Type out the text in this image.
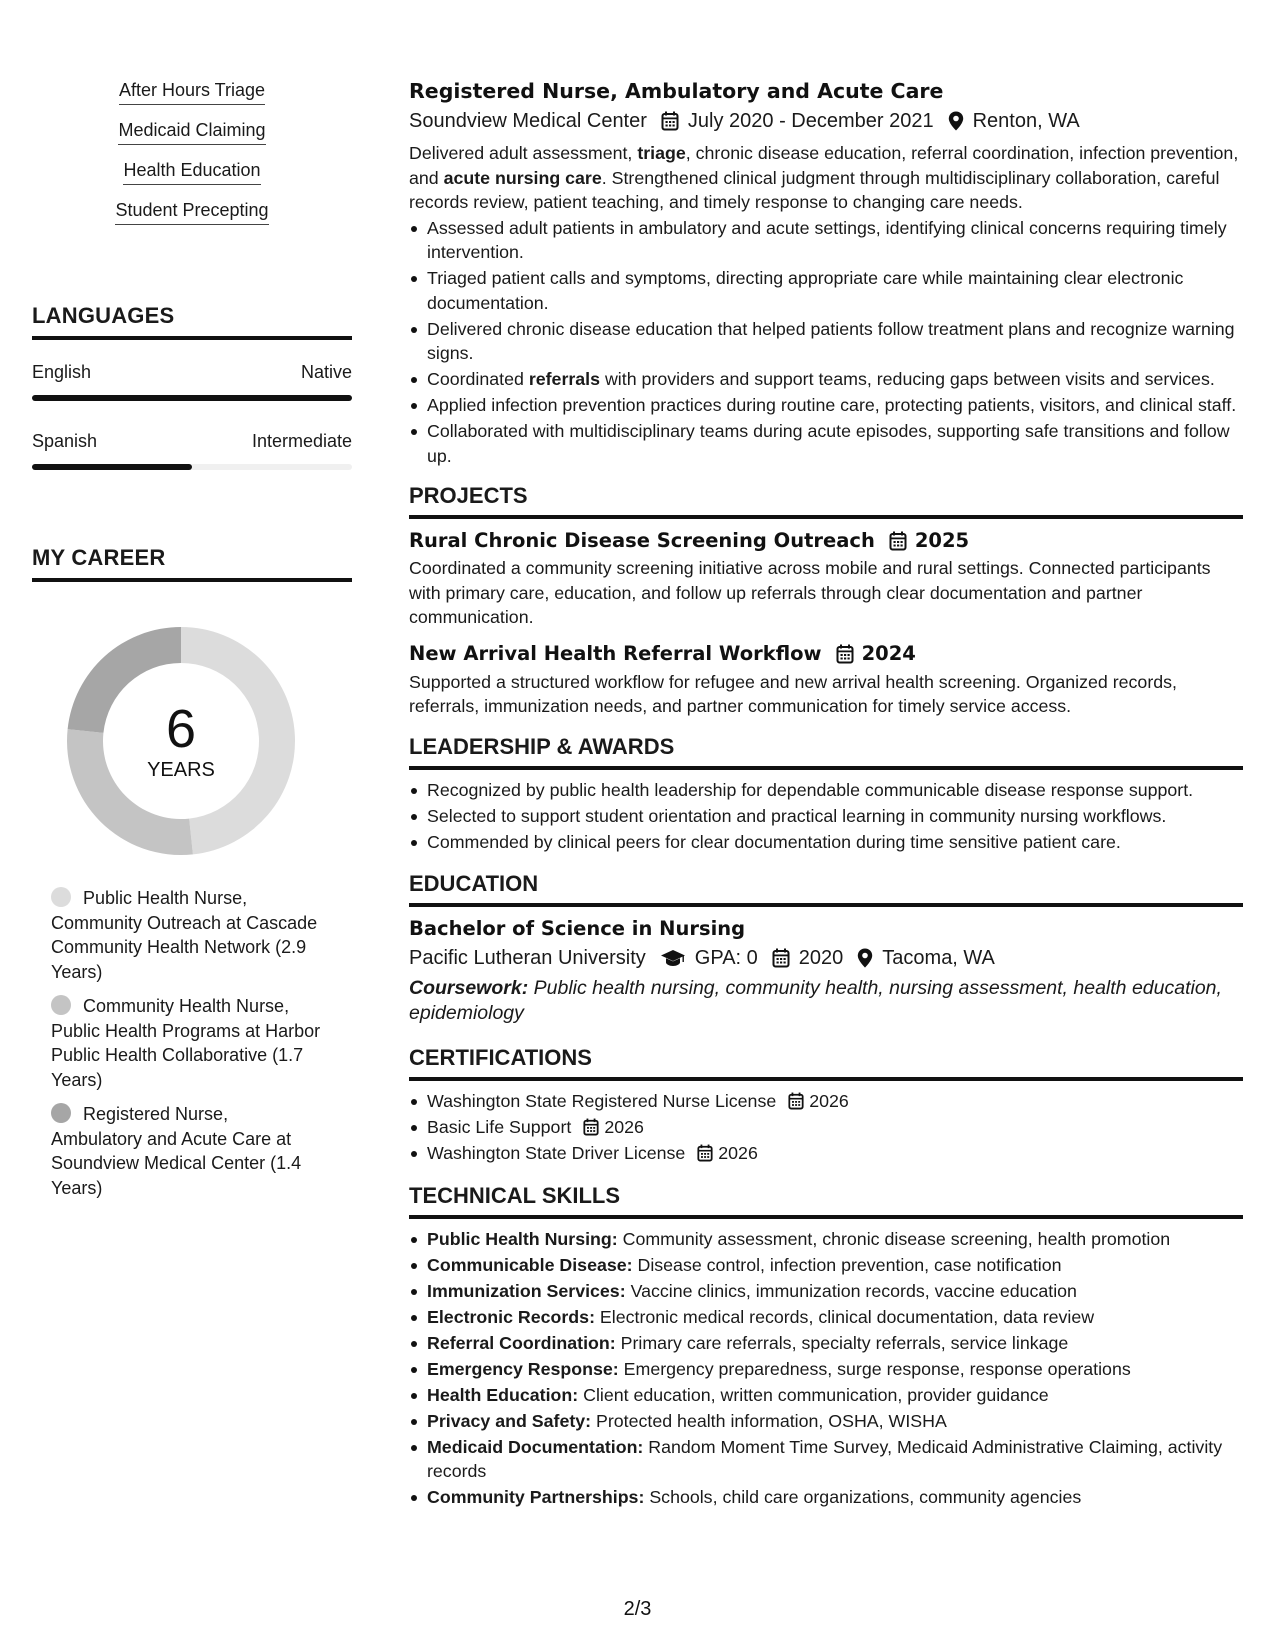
After Hours Triage
Medicaid Claiming
Health Education
Student Precepting
LANGUAGES
English	Native
Spanish	Intermediate
MY CAREER
6
YEARS
Public Health Nurse, Community Outreach at Cascade Community Health Network (2.9 Years)
Community Health Nurse, Public Health Programs at Harbor Public Health Collaborative (1.7 Years)
Registered Nurse, Ambulatory and Acute Care at Soundview Medical Center (1.4 Years)
Registered Nurse, Ambulatory and Acute Care
Soundview Medical Center July 2020 - December 2021 Renton, WA
Delivered adult assessment, triage, chronic disease education, referral coordination, infection prevention, and acute nursing care. Strengthened clinical judgment through multidisciplinary collaboration, careful records review, patient teaching, and timely response to changing care needs.
Assessed adult patients in ambulatory and acute settings, identifying clinical concerns requiring timely intervention.
Triaged patient calls and symptoms, directing appropriate care while maintaining clear electronic documentation.
Delivered chronic disease education that helped patients follow treatment plans and recognize warning signs.
Coordinated referrals with providers and support teams, reducing gaps between visits and services.
Applied infection prevention practices during routine care, protecting patients, visitors, and clinical staff.
Collaborated with multidisciplinary teams during acute episodes, supporting safe transitions and follow up.
PROJECTS
Rural Chronic Disease Screening Outreach 2025
Coordinated a community screening initiative across mobile and rural settings. Connected participants with primary care, education, and follow up referrals through clear documentation and partner communication.
New Arrival Health Referral Workflow 2024
Supported a structured workflow for refugee and new arrival health screening. Organized records, referrals, immunization needs, and partner communication for timely service access.
LEADERSHIP & AWARDS
Recognized by public health leadership for dependable communicable disease response support.
Selected to support student orientation and practical learning in community nursing workflows.
Commended by clinical peers for clear documentation during time sensitive patient care.
EDUCATION
Bachelor of Science in Nursing
Pacific Lutheran University GPA: 0 2020 Tacoma, WA
Coursework: Public health nursing, community health, nursing assessment, health education, epidemiology
CERTIFICATIONS
Washington State Registered Nurse License 2026
Basic Life Support 2026
Washington State Driver License 2026
TECHNICAL SKILLS
Public Health Nursing: Community assessment, chronic disease screening, health promotion
Communicable Disease: Disease control, infection prevention, case notification
Immunization Services: Vaccine clinics, immunization records, vaccine education
Electronic Records: Electronic medical records, clinical documentation, data review
Referral Coordination: Primary care referrals, specialty referrals, service linkage
Emergency Response: Emergency preparedness, surge response, response operations
Health Education: Client education, written communication, provider guidance
Privacy and Safety: Protected health information, OSHA, WISHA
Medicaid Documentation: Random Moment Time Survey, Medicaid Administrative Claiming, activity records
Community Partnerships: Schools, child care organizations, community agencies
2/3
